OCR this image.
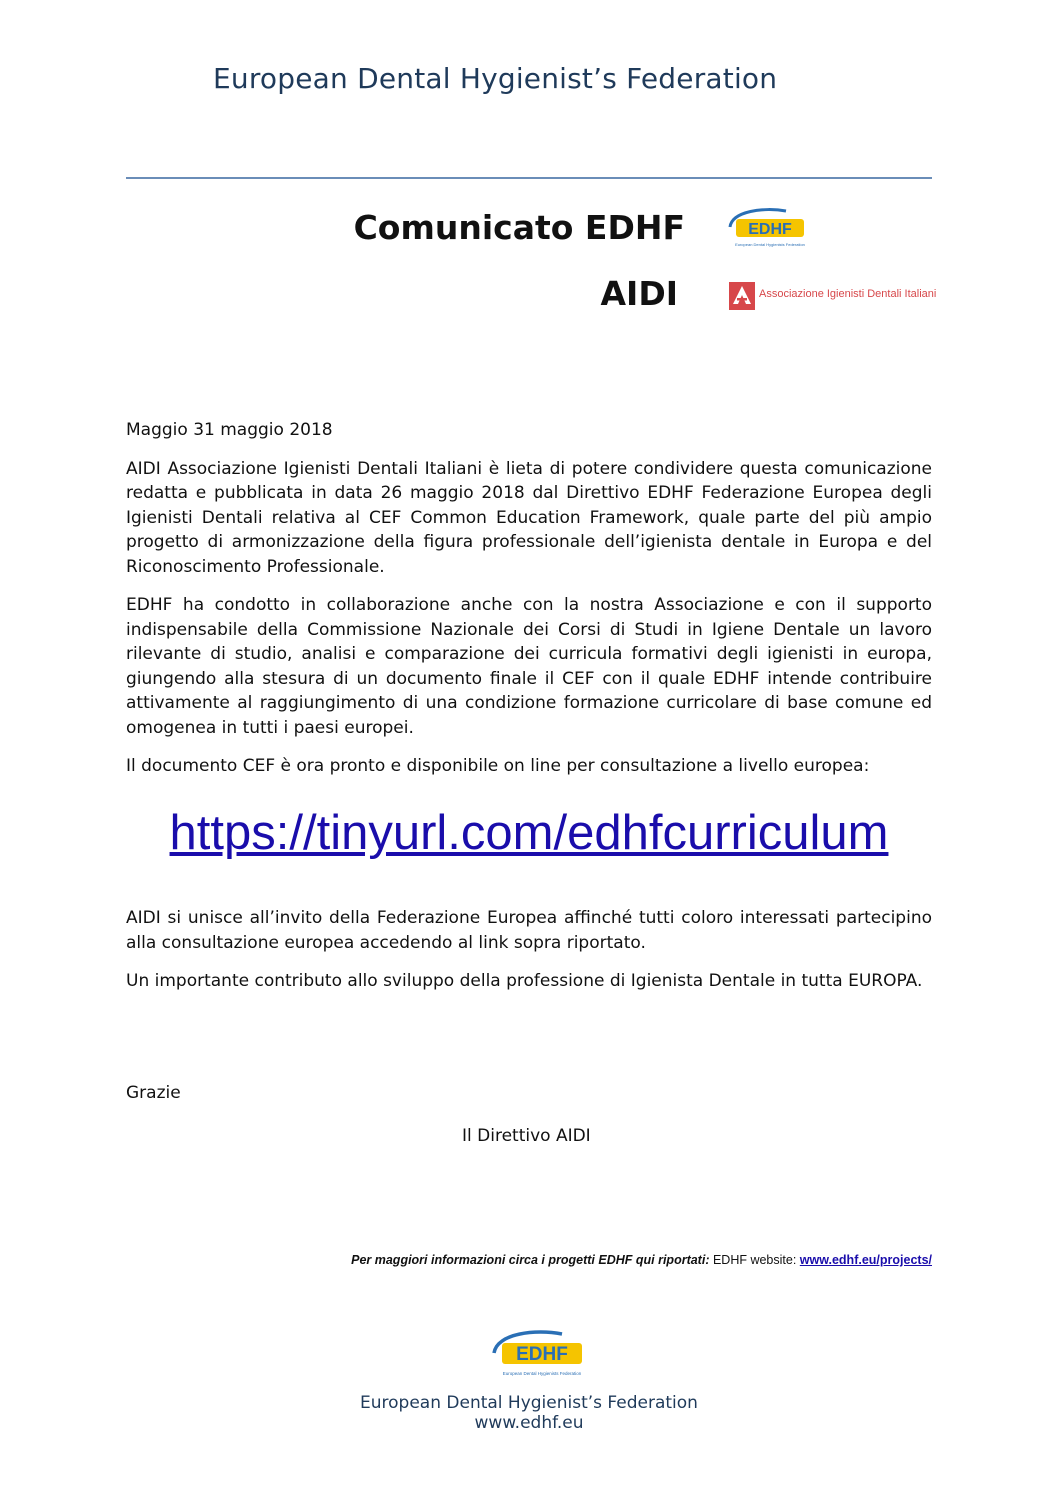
European Dental Hygienist’s Federation
Comunicato EDHF
AIDI
EDHF
European Dental Hygienists Federation
Associazione Igienisti Dentali Italiani

Maggio 31 maggio 2018

AIDI Associazione Igienisti Dentali Italiani è lieta di potere condividere questa comunicazione redatta e pubblicata in data 26 maggio 2018 dal Direttivo EDHF Federazione Europea degli Igienisti Dentali relativa al CEF Common Education Framework, quale parte del più ampio progetto di armonizzazione della figura professionale dell’igienista dentale in Europa e del Riconoscimento Professionale.

EDHF ha condotto in collaborazione anche con la nostra Associazione e con il supporto indispensabile della Commissione Nazionale dei Corsi di Studi in Igiene Dentale un lavoro rilevante di studio, analisi e comparazione dei curricula formativi degli igienisti in europa, giungendo alla stesura di un documento finale il CEF con il quale EDHF intende contribuire attivamente al raggiungimento di una condizione formazione curricolare di base comune ed omogenea in tutti i paesi europei.

Il documento CEF è ora pronto e disponibile on line per consultazione a livello europea:

https://tinyurl.com/edhfcurriculum

AIDI si unisce all’invito della Federazione Europea affinché tutti coloro interessati partecipino alla consultazione europea accedendo al link sopra riportato.

Un importante contributo allo sviluppo della professione di Igienista Dentale in tutta EUROPA.

Grazie
Il Direttivo AIDI
Per maggiori informazioni circa i progetti EDHF qui riportati: EDHF website: www.edhf.eu/projects/
EDHF
European Dental Hygienists Federation
European Dental Hygienist’s Federation
www.edhf.eu
